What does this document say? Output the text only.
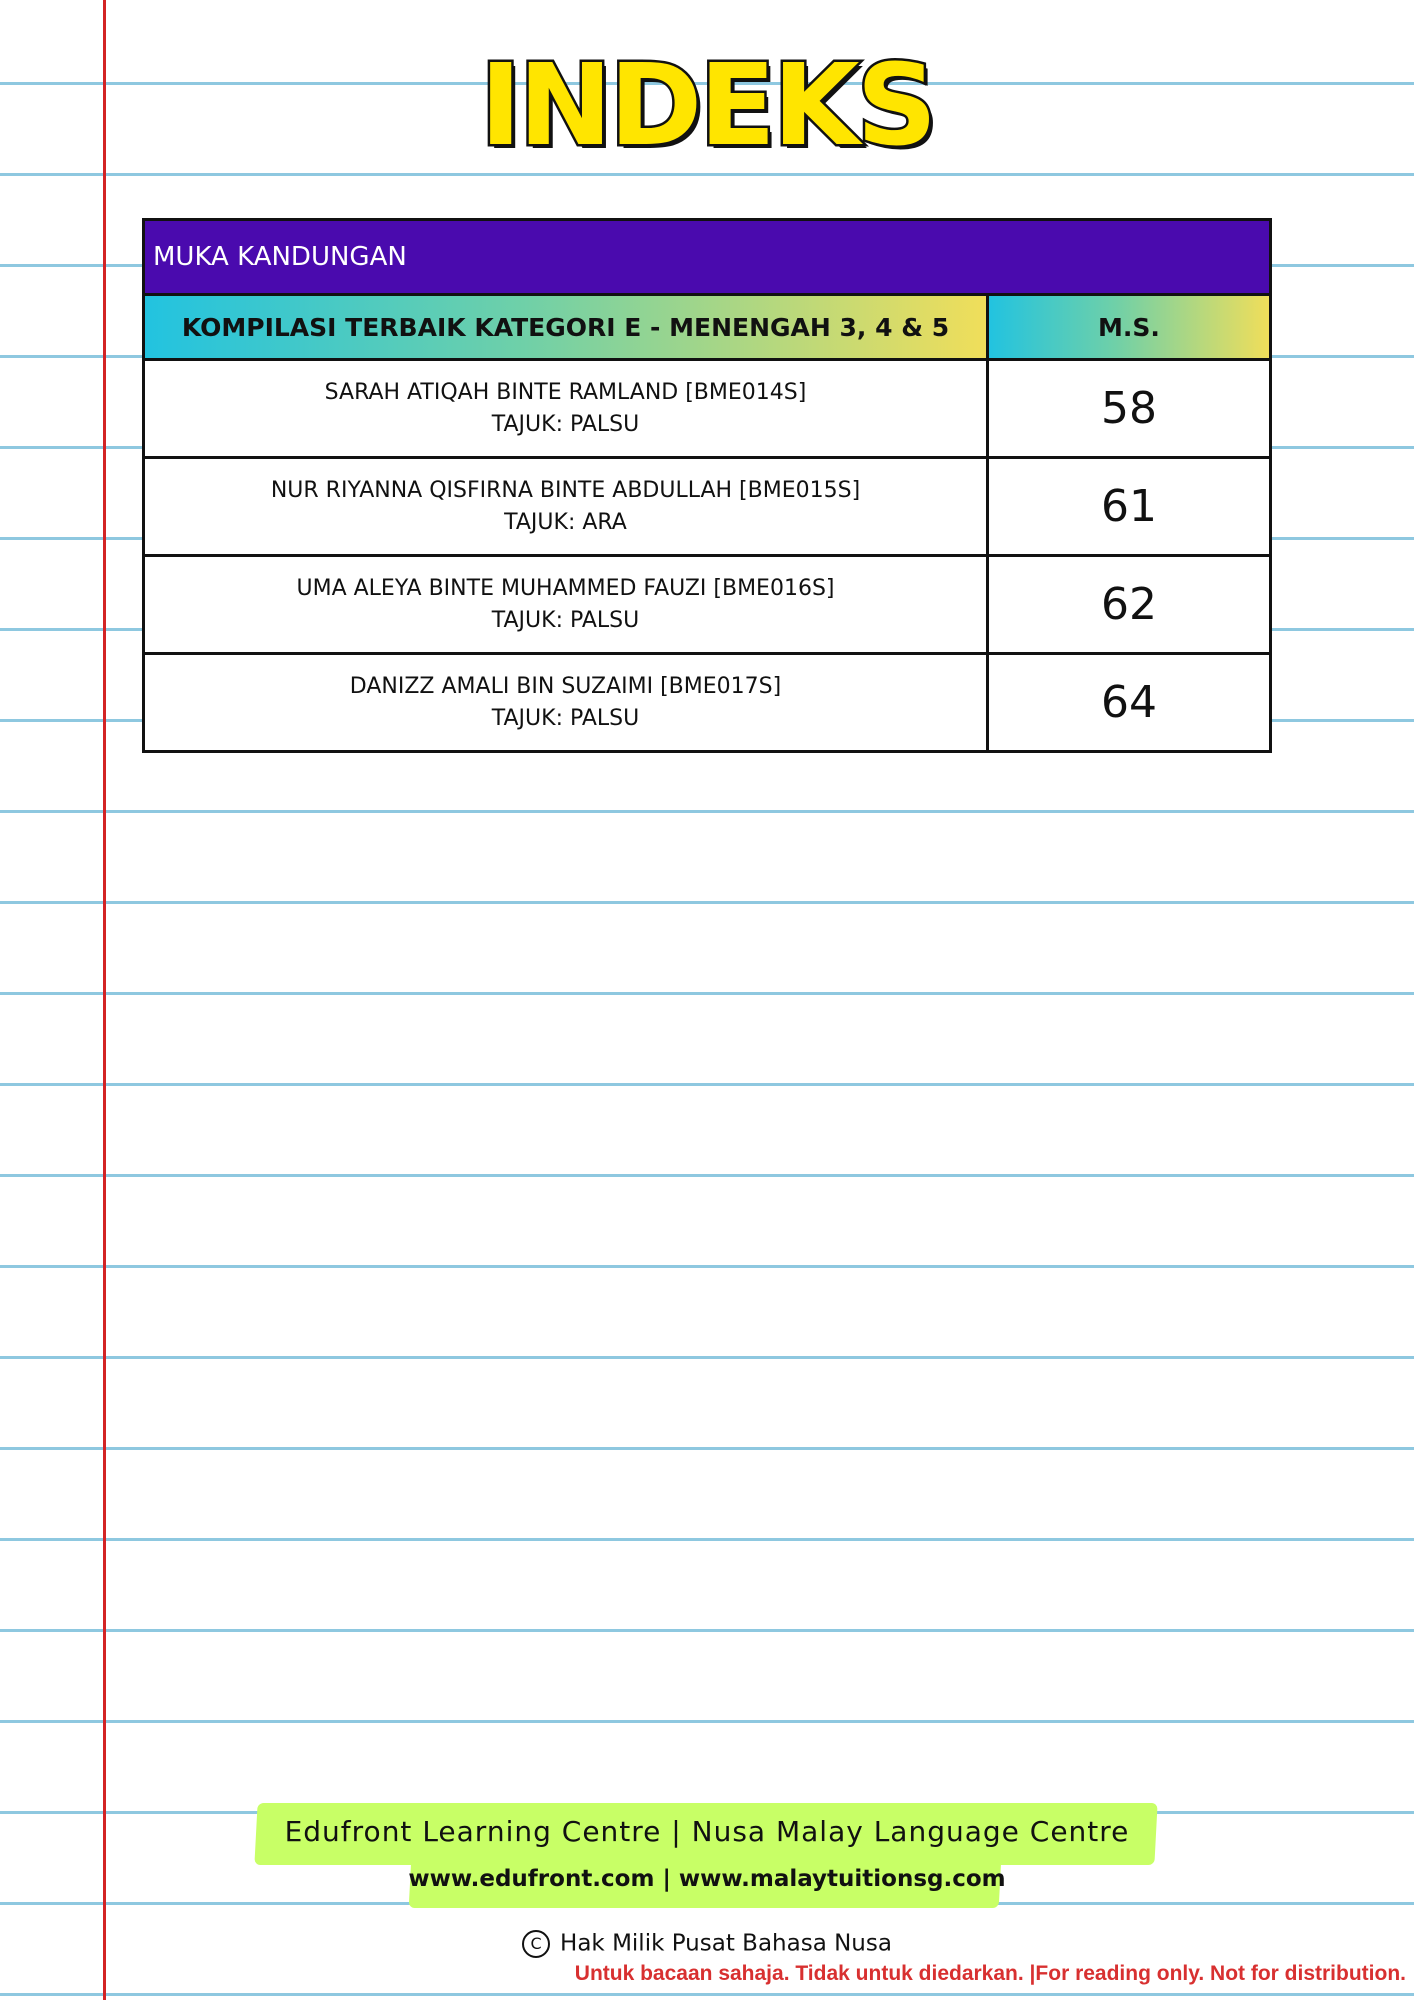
INDEKS
MUKA KANDUNGAN
KOMPILASI TERBAIK KATEGORI E - MENENGAH 3, 4 & 5	M.S.
SARAH ATIQAH BINTE RAMLAND [BME014S]
TAJUK: PALSU	58
NUR RIYANNA QISFIRNA BINTE ABDULLAH [BME015S]
TAJUK: ARA	61
UMA ALEYA BINTE MUHAMMED FAUZI [BME016S]
TAJUK: PALSU	62
DANIZZ AMALI BIN SUZAIMI [BME017S]
TAJUK: PALSU	64
Edufront Learning Centre | Nusa Malay Language Centre
www.edufront.com | www.malaytuitionsg.com
C Hak Milik Pusat Bahasa Nusa
Untuk bacaan sahaja. Tidak untuk diedarkan. |For reading only. Not for distribution.
